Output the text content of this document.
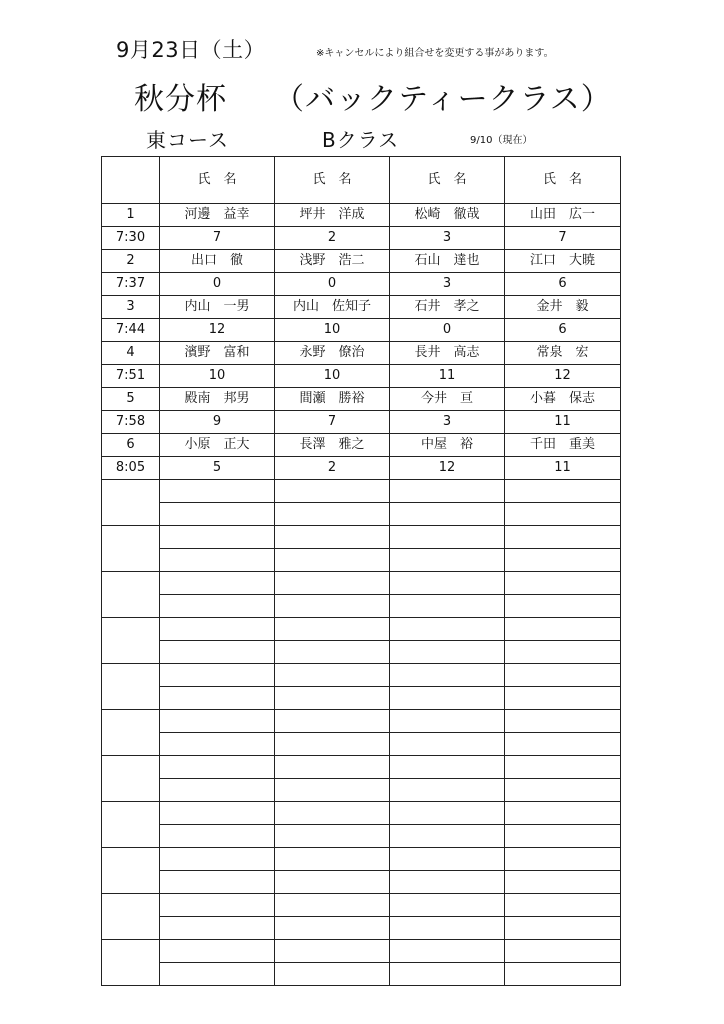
9月23日（土）	※キャンセルにより組合せを変更する事があります。
秋分杯　　（バックティークラス）
東コース	Bクラス	9/10（現在）
	氏　名	氏　名	氏　名	氏　名
1	河邊　益幸	坪井　洋成	松崎　徹哉	山田　広一
7:30	7	2	3	7
2	出口　徹	浅野　浩二	石山　達也	江口　大暁
7:37	0	0	3	6
3	内山　一男	内山　佐知子	石井　孝之	金井　毅
7:44	12	10	0	6
4	濱野　富和	永野　僚治	長井　高志	常泉　宏
7:51	10	10	11	12
5	殿南　邦男	間瀬　勝裕	今井　亘	小暮　保志
7:58	9	7	3	11
6	小原　正大	長澤　雅之	中屋　裕	千田　重美
8:05	5	2	12	11
